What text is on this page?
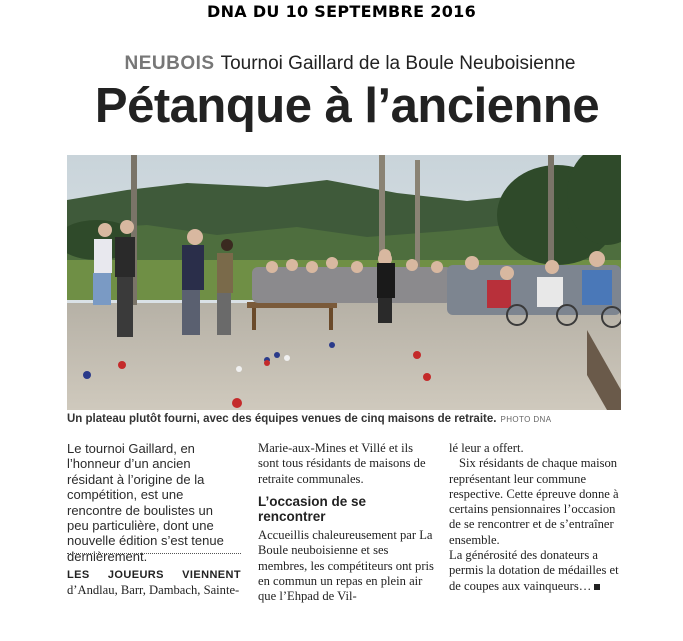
DNA DU 10 SEPTEMBRE 2016
NEUBOIS Tournoi Gaillard de la Boule Neuboisienne
Pétanque à l’ancienne
Un plateau plutôt fourni, avec des équipes venues de cinq maisons de retraite. PHOTO DNA
Le tournoi Gaillard, en l’honneur d’un ancien résidant à l’origine de la compétition, est une rencontre de boulistes un peu particulière, dont une nouvelle édition s’est tenue dernièrement.
LES JOUEURS VIENNENT d’Andlau, Barr, Dambach, Sainte-
Marie-aux-Mines et Villé et ils sont tous résidants de maisons de retraite communales.
L’occasion de se rencontrer
Accueillis chaleureusement par La Boule neuboisienne et ses membres, les compétiteurs ont pris en commun un repas en plein air que l’Ehpad de Vil-

lé leur a offert.

Six résidants de chaque maison représentant leur commune respective. Cette épreuve donne à certains pensionnaires l’occasion de se rencontrer et de s’entraîner ensemble.

La générosité des donateurs a permis la dotation de médailles et de coupes aux vainqueurs…
